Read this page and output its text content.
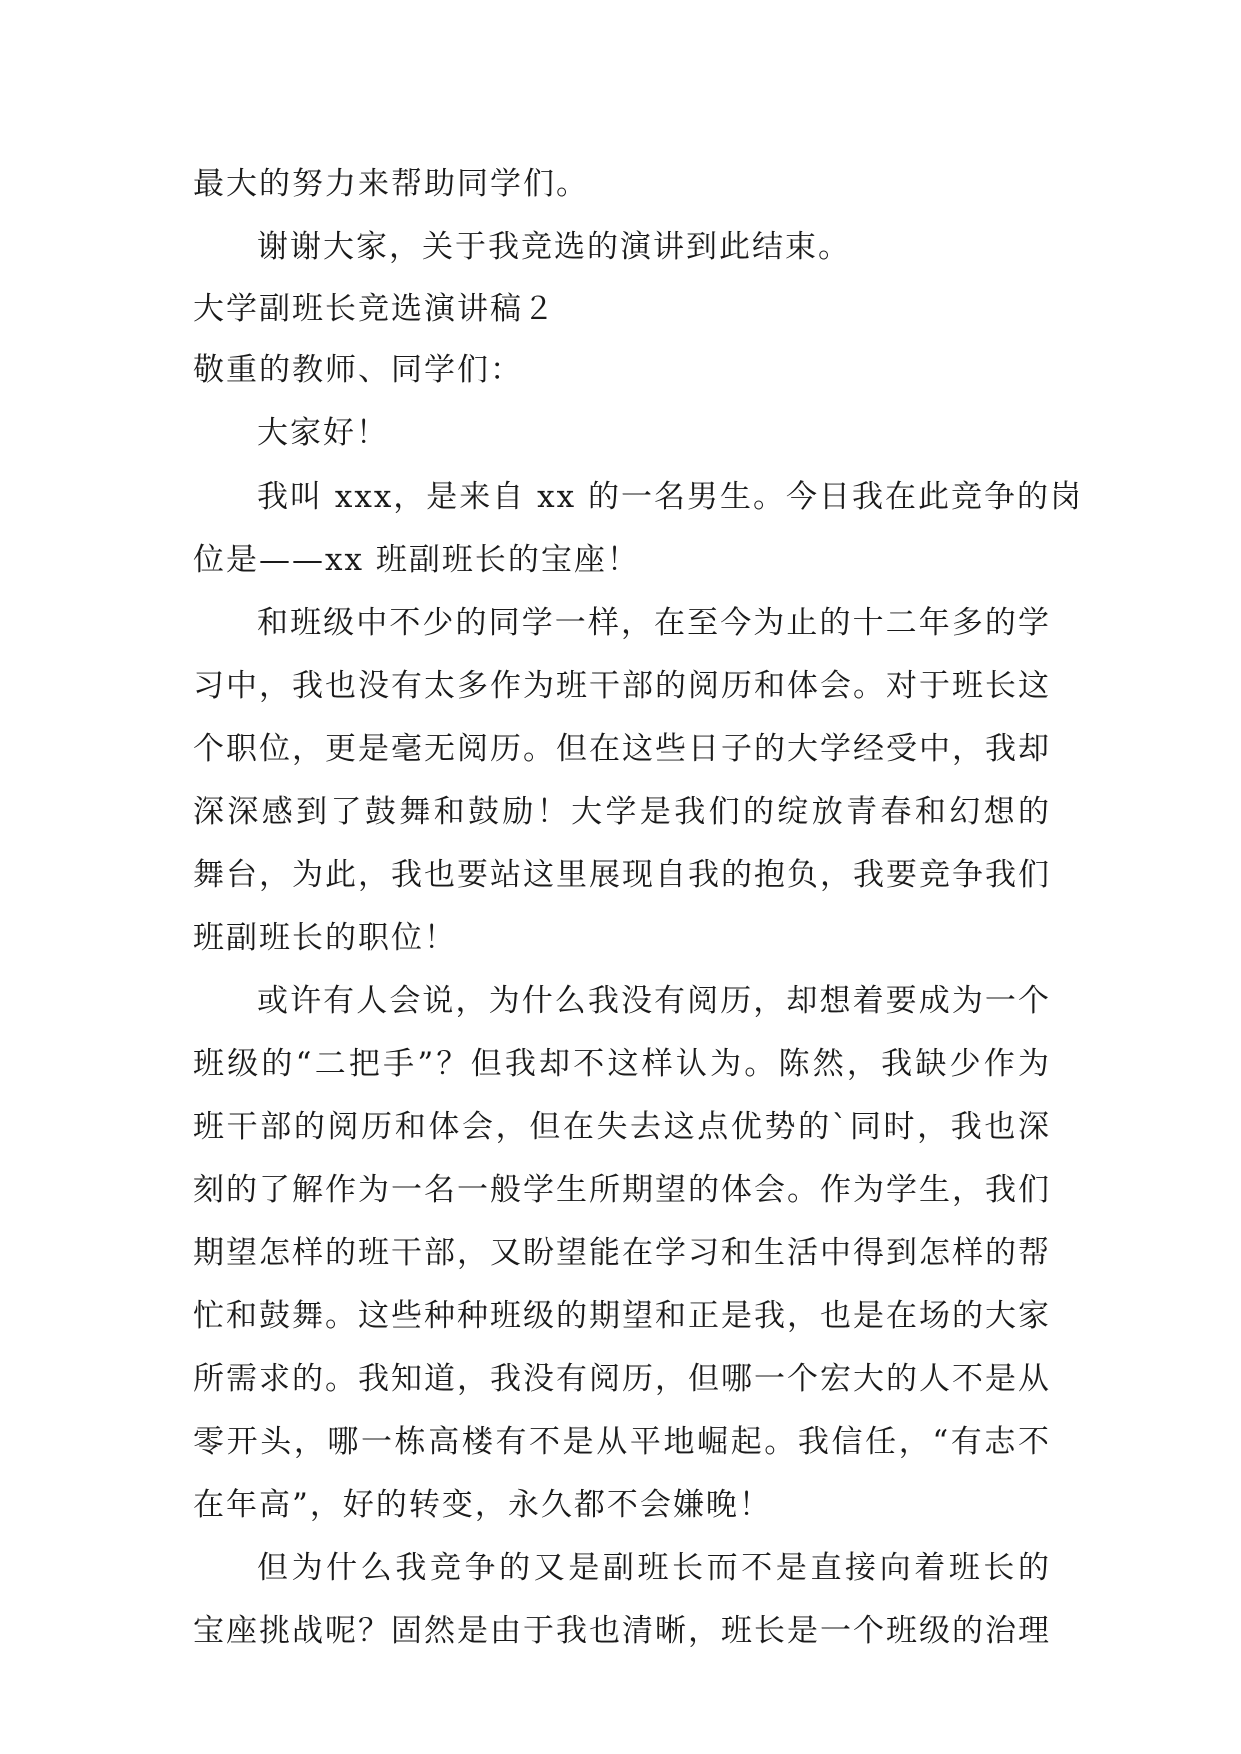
最大的努力来帮助同学们。
谢谢大家，关于我竞选的演讲到此结束。
大学副班长竞选演讲稿２
敬重的教师、同学们：
大家好！
我叫 xxx，是来自 xx 的一名男生。今日我在此竞争的岗
位是——xx 班副班长的宝座！
和班级中不少的同学一样，在至今为止的十二年多的学
习中，我也没有太多作为班干部的阅历和体会。对于班长这
个职位，更是毫无阅历。但在这些日子的大学经受中，我却
深深感到了鼓舞和鼓励！大学是我们的绽放青春和幻想的
舞台，为此，我也要站这里展现自我的抱负，我要竞争我们
班副班长的职位！
或许有人会说，为什么我没有阅历，却想着要成为一个
班级的“二把手”？但我却不这样认为。陈然，我缺少作为
班干部的阅历和体会，但在失去这点优势的`同时，我也深
刻的了解作为一名一般学生所期望的体会。作为学生，我们
期望怎样的班干部，又盼望能在学习和生活中得到怎样的帮
忙和鼓舞。这些种种班级的期望和正是我，也是在场的大家
所需求的。我知道，我没有阅历，但哪一个宏大的人不是从
零开头，哪一栋高楼有不是从平地崛起。我信任，“有志不
在年高”，好的转变，永久都不会嫌晚！
但为什么我竞争的又是副班长而不是直接向着班长的
宝座挑战呢？固然是由于我也清晰，班长是一个班级的治理
